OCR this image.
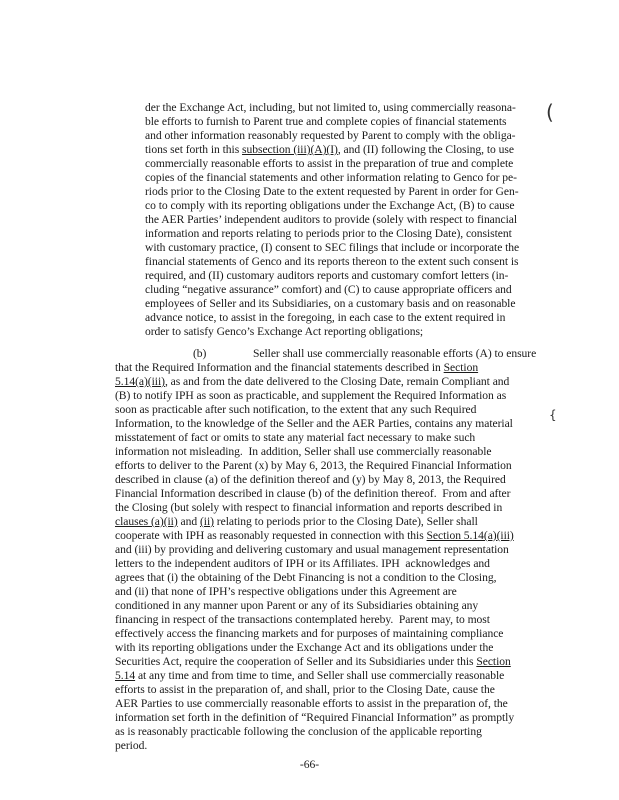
(
{
der the Exchange Act, including, but not limited to, using commercially reasona-
ble efforts to furnish to Parent true and complete copies of financial statements
and other information reasonably requested by Parent to comply with the obliga-
tions set forth in this subsection (iii)(A)(I), and (II) following the Closing, to use
commercially reasonable efforts to assist in the preparation of true and complete
copies of the financial statements and other information relating to Genco for pe-
riods prior to the Closing Date to the extent requested by Parent in order for Gen-
co to comply with its reporting obligations under the Exchange Act, (B) to cause
the AER Parties’ independent auditors to provide (solely with respect to financial
information and reports relating to periods prior to the Closing Date), consistent
with customary practice, (I) consent to SEC filings that include or incorporate the
financial statements of Genco and its reports thereon to the extent such consent is
required, and (II) customary auditors reports and customary comfort letters (in-
cluding “negative assurance” comfort) and (C) to cause appropriate officers and
employees of Seller and its Subsidiaries, on a customary basis and on reasonable
advance notice, to assist in the foregoing, in each case to the extent required in
order to satisfy Genco’s Exchange Act reporting obligations;
(b)	Seller shall use commercially reasonable efforts (A) to ensure
that the Required Information and the financial statements described in Section
5.14(a)(iii), as and from the date delivered to the Closing Date, remain Compliant and
(B) to notify IPH as soon as practicable, and supplement the Required Information as
soon as practicable after such notification, to the extent that any such Required
Information, to the knowledge of the Seller and the AER Parties, contains any material
misstatement of fact or omits to state any material fact necessary to make such
information not misleading.  In addition, Seller shall use commercially reasonable
efforts to deliver to the Parent (x) by May 6, 2013, the Required Financial Information
described in clause (a) of the definition thereof and (y) by May 8, 2013, the Required
Financial Information described in clause (b) of the definition thereof.  From and after
the Closing (but solely with respect to financial information and reports described in
clauses (a)(ii) and (ii) relating to periods prior to the Closing Date), Seller shall
cooperate with IPH as reasonably requested in connection with this Section 5.14(a)(iii)
and (iii) by providing and delivering customary and usual management representation
letters to the independent auditors of IPH or its Affiliates. IPH  acknowledges and
agrees that (i) the obtaining of the Debt Financing is not a condition to the Closing,
and (ii) that none of IPH’s respective obligations under this Agreement are
conditioned in any manner upon Parent or any of its Subsidiaries obtaining any
financing in respect of the transactions contemplated hereby.  Parent may, to most
effectively access the financing markets and for purposes of maintaining compliance
with its reporting obligations under the Exchange Act and its obligations under the
Securities Act, require the cooperation of Seller and its Subsidiaries under this Section
5.14 at any time and from time to time, and Seller shall use commercially reasonable
efforts to assist in the preparation of, and shall, prior to the Closing Date, cause the
AER Parties to use commercially reasonable efforts to assist in the preparation of, the
information set forth in the definition of “Required Financial Information” as promptly
as is reasonably practicable following the conclusion of the applicable reporting
period.
-66-
